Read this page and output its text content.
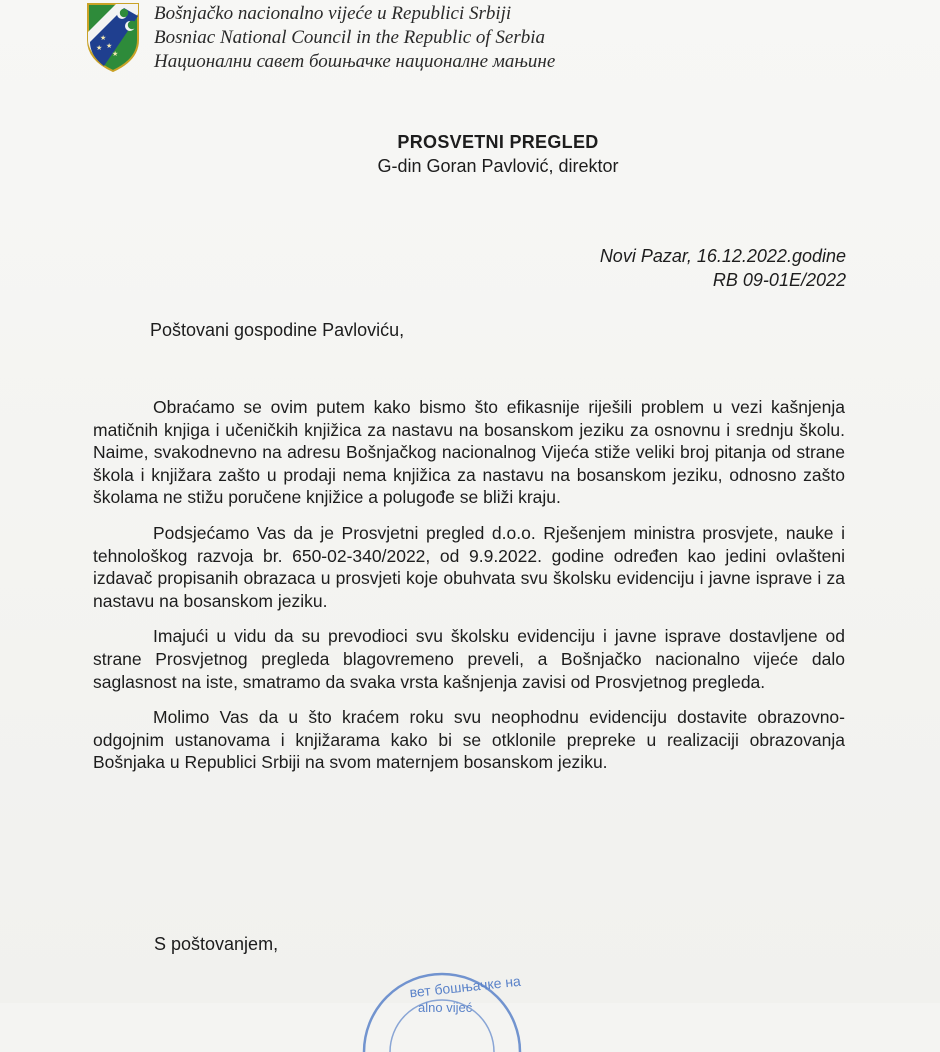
★
★
★
★
Bošnjačko nacionalno vijeće u Republici Srbiji
Bosniac National Council in the Republic of Serbia
Национални савет бошњачке националне мањине
PROSVETNI PREGLED
G-din Goran Pavlović, direktor
Novi Pazar, 16.12.2022.godine
RB 09-01E/2022
Poštovani gospodine Pavloviću,

Obraćamo se ovim putem kako bismo što efikasnije riješili problem u vezi kašnjenja matičnih knjiga i učeničkih knjižica za nastavu na bosanskom jeziku za osnovnu i srednju školu. Naime, svakodnevno na adresu Bošnjačkog nacionalnog Vijeća stiže veliki broj pitanja od strane škola i knjižara zašto u prodaji nema knjižica za nastavu na bosanskom jeziku, odnosno zašto školama ne stižu poručene knjižice a polugođe se bliži kraju.

Podsjećamo Vas da je Prosvjetni pregled d.o.o. Rješenjem ministra prosvjete, nauke i tehnološkog razvoja br. 650-02-340/2022, od 9.9.2022. godine određen kao jedini ovlašteni izdavač propisanih obrazaca u prosvjeti koje obuhvata svu školsku evidenciju i javne isprave i za nastavu na bosanskom jeziku.

Imajući u vidu da su prevodioci svu školsku evidenciju i javne isprave dostavljene od strane Prosvjetnog pregleda blagovremeno preveli, a Bošnjačko nacionalno vijeće dalo saglasnost na iste, smatramo da svaka vrsta kašnjenja zavisi od Prosvjetnog pregleda.

Molimo Vas da u što kraćem roku svu neophodnu evidenciju dostavite obrazovno-odgojnim ustanovama i knjižarama kako bi se otklonile prepreke u realizaciji obrazovanja Bošnjaka u Republici Srbiji na svom maternjem bosanskom jeziku.

S poštovanjem,
вет бошњачке на
alno vijeć
